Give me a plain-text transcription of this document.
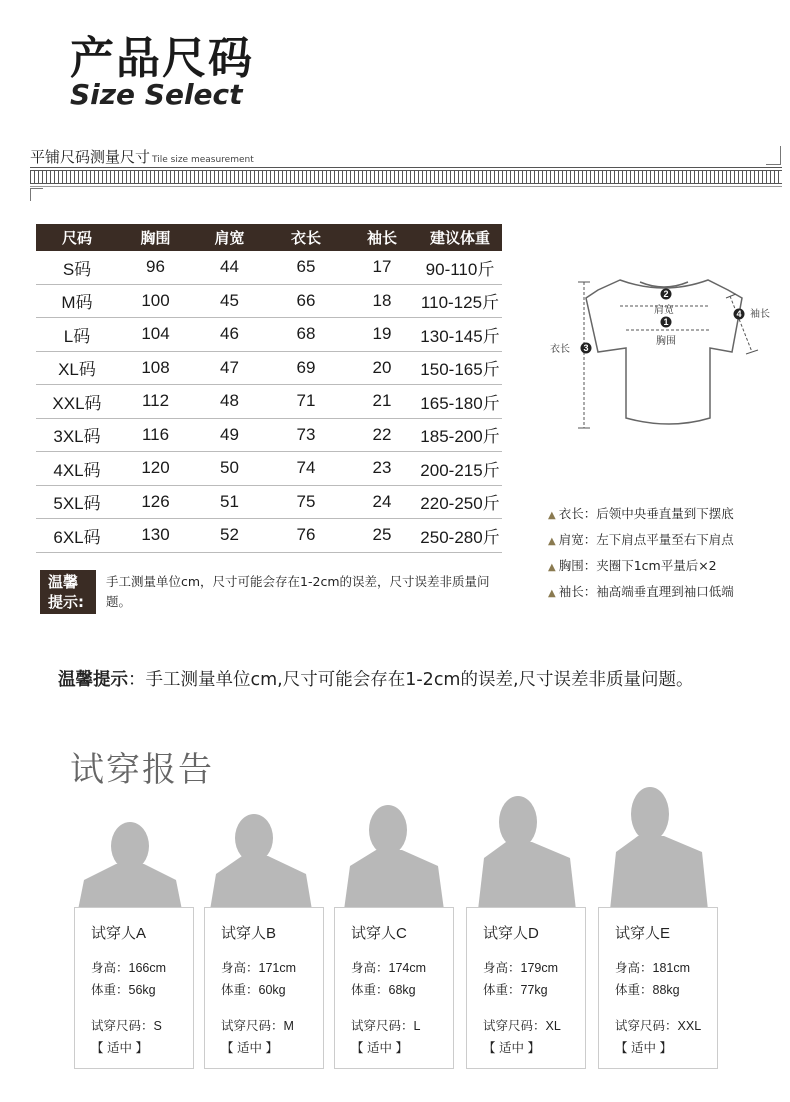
产品尺码
Size Select
平铺尺码测量尺寸 Tile size measurement
尺码	胸围	肩宽	衣长	袖长	建议体重
S码	96	44	65	17	90-110斤
M码	100	45	66	18	110-125斤
L码	104	46	68	19	130-145斤
XL码	108	47	69	20	150-165斤
XXL码	112	48	71	21	165-180斤
3XL码	116	49	73	22	185-200斤
4XL码	120	50	74	23	200-215斤
5XL码	126	51	75	24	220-250斤
6XL码	130	52	76	25	250-280斤
温馨
提示:
手工测量单位cm，尺寸可能会存在1-2cm的误差，尺寸误差非质量问题。
2
1
3
4
肩宽
胸围
衣长
袖长
▲ 衣长：后领中央垂直量到下摆底
▲ 肩宽：左下肩点平量至右下肩点
▲ 胸围：夹圈下1cm平量后×2
▲ 袖长：袖高端垂直理到袖口低端
温馨提示：手工测量单位cm,尺寸可能会存在1-2cm的误差,尺寸误差非质量问题。
试穿报告
试穿人A
身高：166cm
体重：56kg
试穿尺码：S
【 适中 】
试穿人B
身高：171cm
体重：60kg
试穿尺码：M
【 适中 】
试穿人C
身高：174cm
体重：68kg
试穿尺码：L
【 适中 】
试穿人D
身高：179cm
体重：77kg
试穿尺码：XL
【 适中 】
试穿人E
身高：181cm
体重：88kg
试穿尺码：XXL
【 适中 】
